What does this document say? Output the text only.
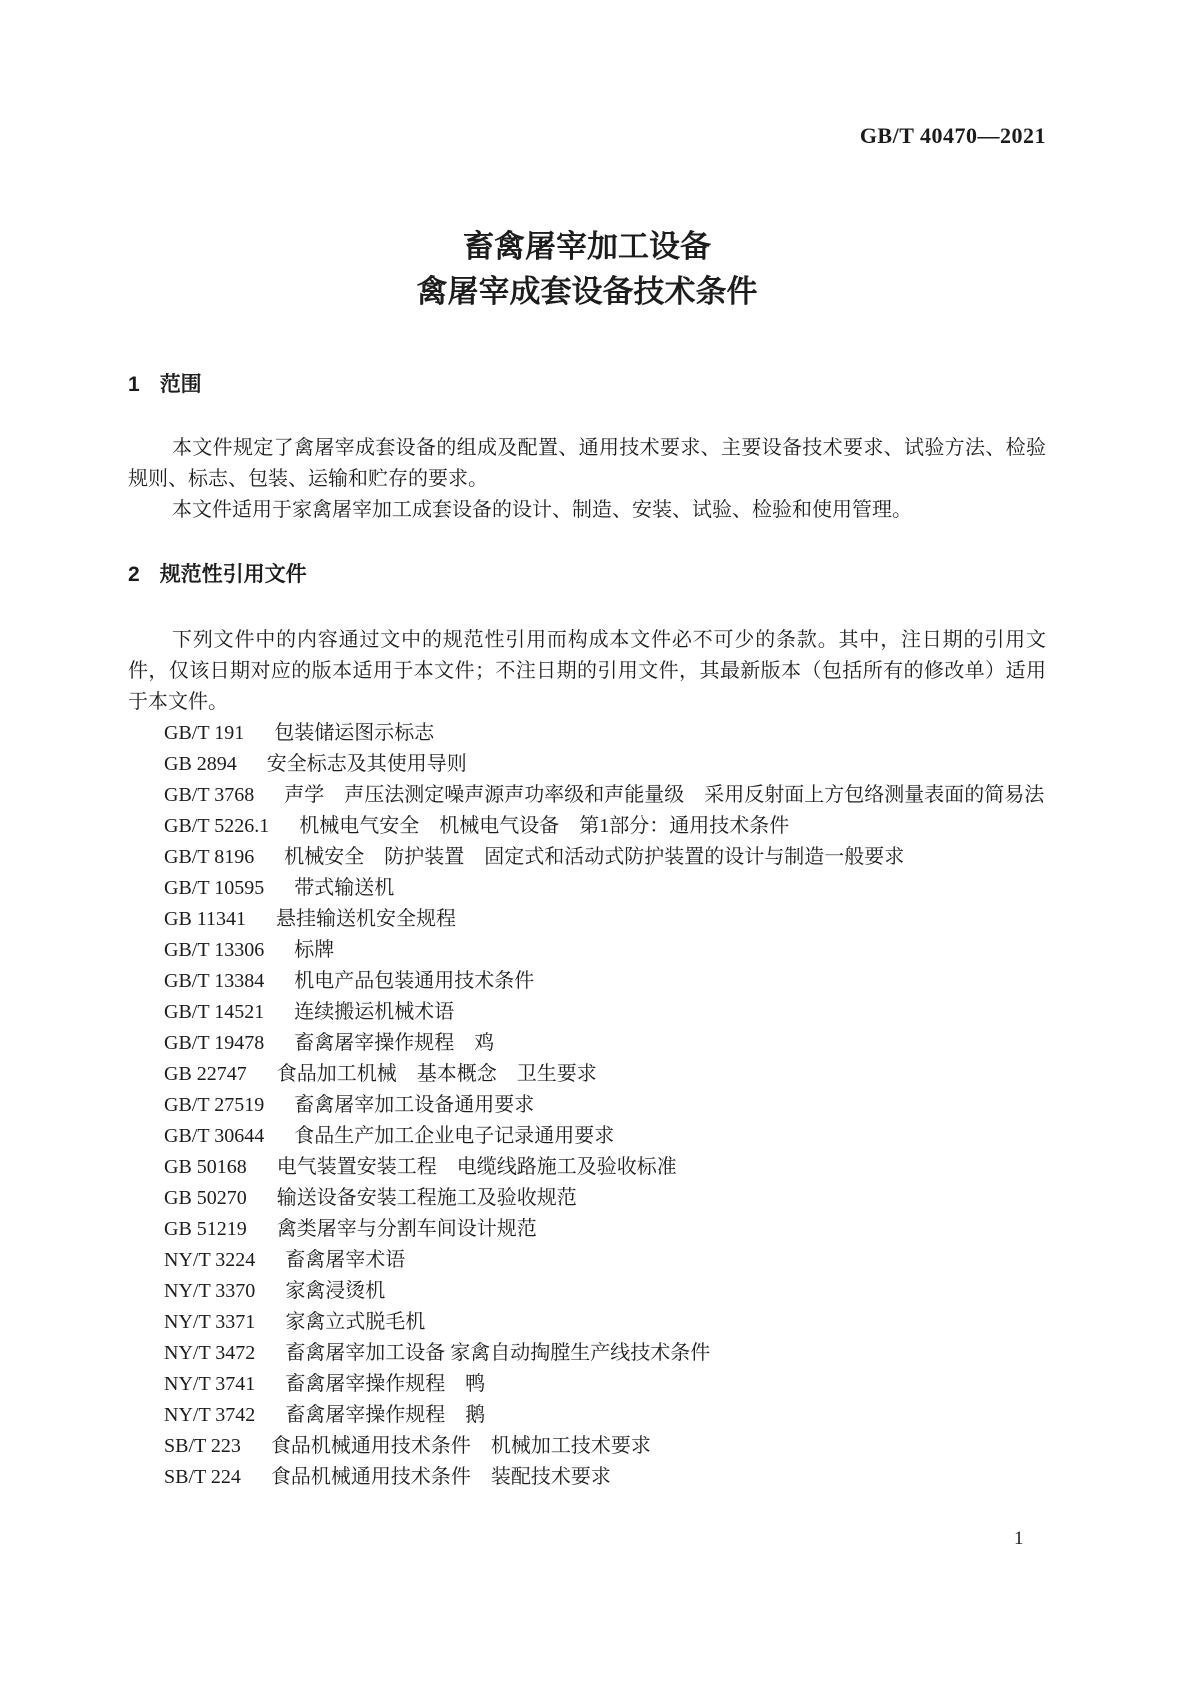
GB/T 40470—2021
畜禽屠宰加工设备
禽屠宰成套设备技术条件
1 范围

本文件规定了禽屠宰成套设备的组成及配置、通用技术要求、主要设备技术要求、试验方法、检验规则、标志、包装、运输和贮存的要求。

本文件适用于家禽屠宰加工成套设备的设计、制造、安装、试验、检验和使用管理。

2 规范性引用文件

下列文件中的内容通过文中的规范性引用而构成本文件必不可少的条款。其中，注日期的引用文件，仅该日期对应的版本适用于本文件；不注日期的引用文件，其最新版本（包括所有的修改单）适用于本文件。

GB/T 191 包装储运图示标志

GB 2894 安全标志及其使用导则

GB/T 3768 声学　声压法测定噪声源声功率级和声能量级　采用反射面上方包络测量表面的简易法

GB/T 5226.1 机械电气安全　机械电气设备　第1部分：通用技术条件

GB/T 8196 机械安全　防护装置　固定式和活动式防护装置的设计与制造一般要求

GB/T 10595 带式输送机

GB 11341 悬挂输送机安全规程

GB/T 13306 标牌

GB/T 13384 机电产品包装通用技术条件

GB/T 14521 连续搬运机械术语

GB/T 19478 畜禽屠宰操作规程　鸡

GB 22747 食品加工机械　基本概念　卫生要求

GB/T 27519 畜禽屠宰加工设备通用要求

GB/T 30644 食品生产加工企业电子记录通用要求

GB 50168 电气装置安装工程　电缆线路施工及验收标准

GB 50270 输送设备安装工程施工及验收规范

GB 51219 禽类屠宰与分割车间设计规范

NY/T 3224 畜禽屠宰术语

NY/T 3370 家禽浸烫机

NY/T 3371 家禽立式脱毛机

NY/T 3472 畜禽屠宰加工设备 家禽自动掏膛生产线技术条件

NY/T 3741 畜禽屠宰操作规程　鸭

NY/T 3742 畜禽屠宰操作规程　鹅

SB/T 223 食品机械通用技术条件　机械加工技术要求

SB/T 224 食品机械通用技术条件　装配技术要求

1
